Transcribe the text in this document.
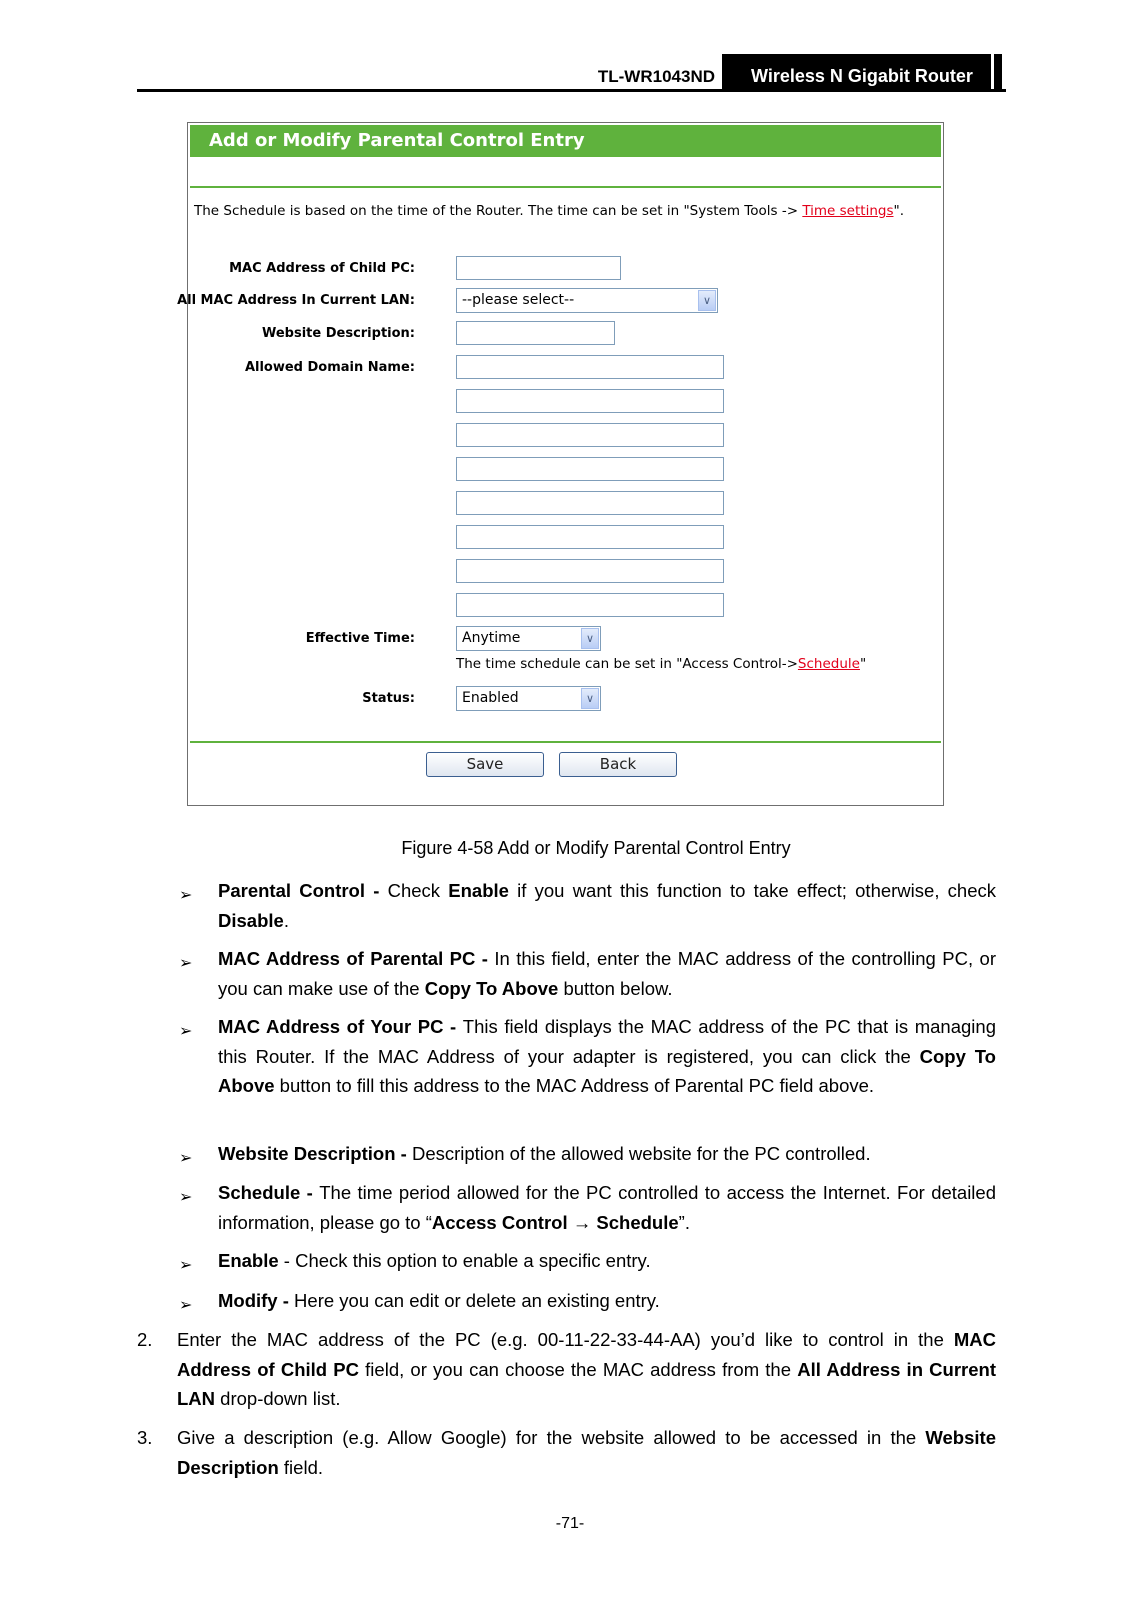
TL-WR1043ND	Wireless N Gigabit Router
Add or Modify Parental Control Entry
The Schedule is based on the time of the Router. The time can be set in "System Tools -> Time settings".
MAC Address of Child PC:
All MAC Address In Current LAN:	--please select--	∨
Website Description:
Allowed Domain Name:
Effective Time:	Anytime	∨
The time schedule can be set in "Access Control->Schedule"
Status:	Enabled	∨
Save	Back
Figure 4-58 Add or Modify Parental Control Entry
➢ Parental Control - Check Enable if you want this function to take effect; otherwise, check Disable.
➢ MAC Address of Parental PC - In this field, enter the MAC address of the controlling PC, or you can make use of the Copy To Above button below.
➢ MAC Address of Your PC - This field displays the MAC address of the PC that is managing this Router. If the MAC Address of your adapter is registered, you can click the Copy To Above button to fill this address to the MAC Address of Parental PC field above.
➢ Website Description - Description of the allowed website for the PC controlled.
➢ Schedule - The time period allowed for the PC controlled to access the Internet. For detailed information, please go to “Access Control → Schedule”.
➢ Enable - Check this option to enable a specific entry.
➢ Modify - Here you can edit or delete an existing entry.
2. Enter the MAC address of the PC (e.g. 00-11-22-33-44-AA) you’d like to control in the MAC Address of Child PC field, or you can choose the MAC address from the All Address in Current LAN drop-down list.
3. Give a description (e.g. Allow Google) for the website allowed to be accessed in the Website Description field.
-71-
